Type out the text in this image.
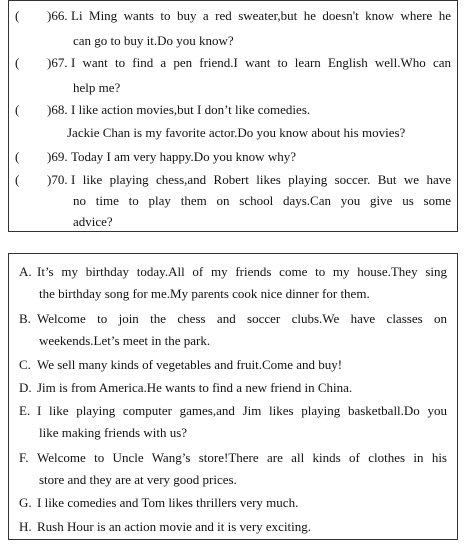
( )66. Li Ming wants to buy a red sweater,but he doesn't know where he
can go to buy it.Do you know?
( )67. I want to find a pen friend.I want to learn English well.Who can
help me?
( )68. I like action movies,but I don’t like comedies.
Jackie Chan is my favorite actor.Do you know about his movies?
( )69. Today I am very happy.Do you know why?
( )70. I like playing chess,and Robert likes playing soccer. But we have
no time to play them on school days.Can you give us some
advice?
A. It’s my birthday today.All of my friends come to my house.They sing
the birthday song for me.My parents cook nice dinner for them.
B. Welcome to join the chess and soccer clubs.We have classes on
weekends.Let’s meet in the park.
C. We sell many kinds of vegetables and fruit.Come and buy!
D. Jim is from America.He wants to find a new friend in China.
E. I like playing computer games,and Jim likes playing basketball.Do you
like making friends with us?
F. Welcome to Uncle Wang’s store!There are all kinds of clothes in his
store and they are at very good prices.
G. I like comedies and Tom likes thrillers very much.
H. Rush Hour is an action movie and it is very exciting.
